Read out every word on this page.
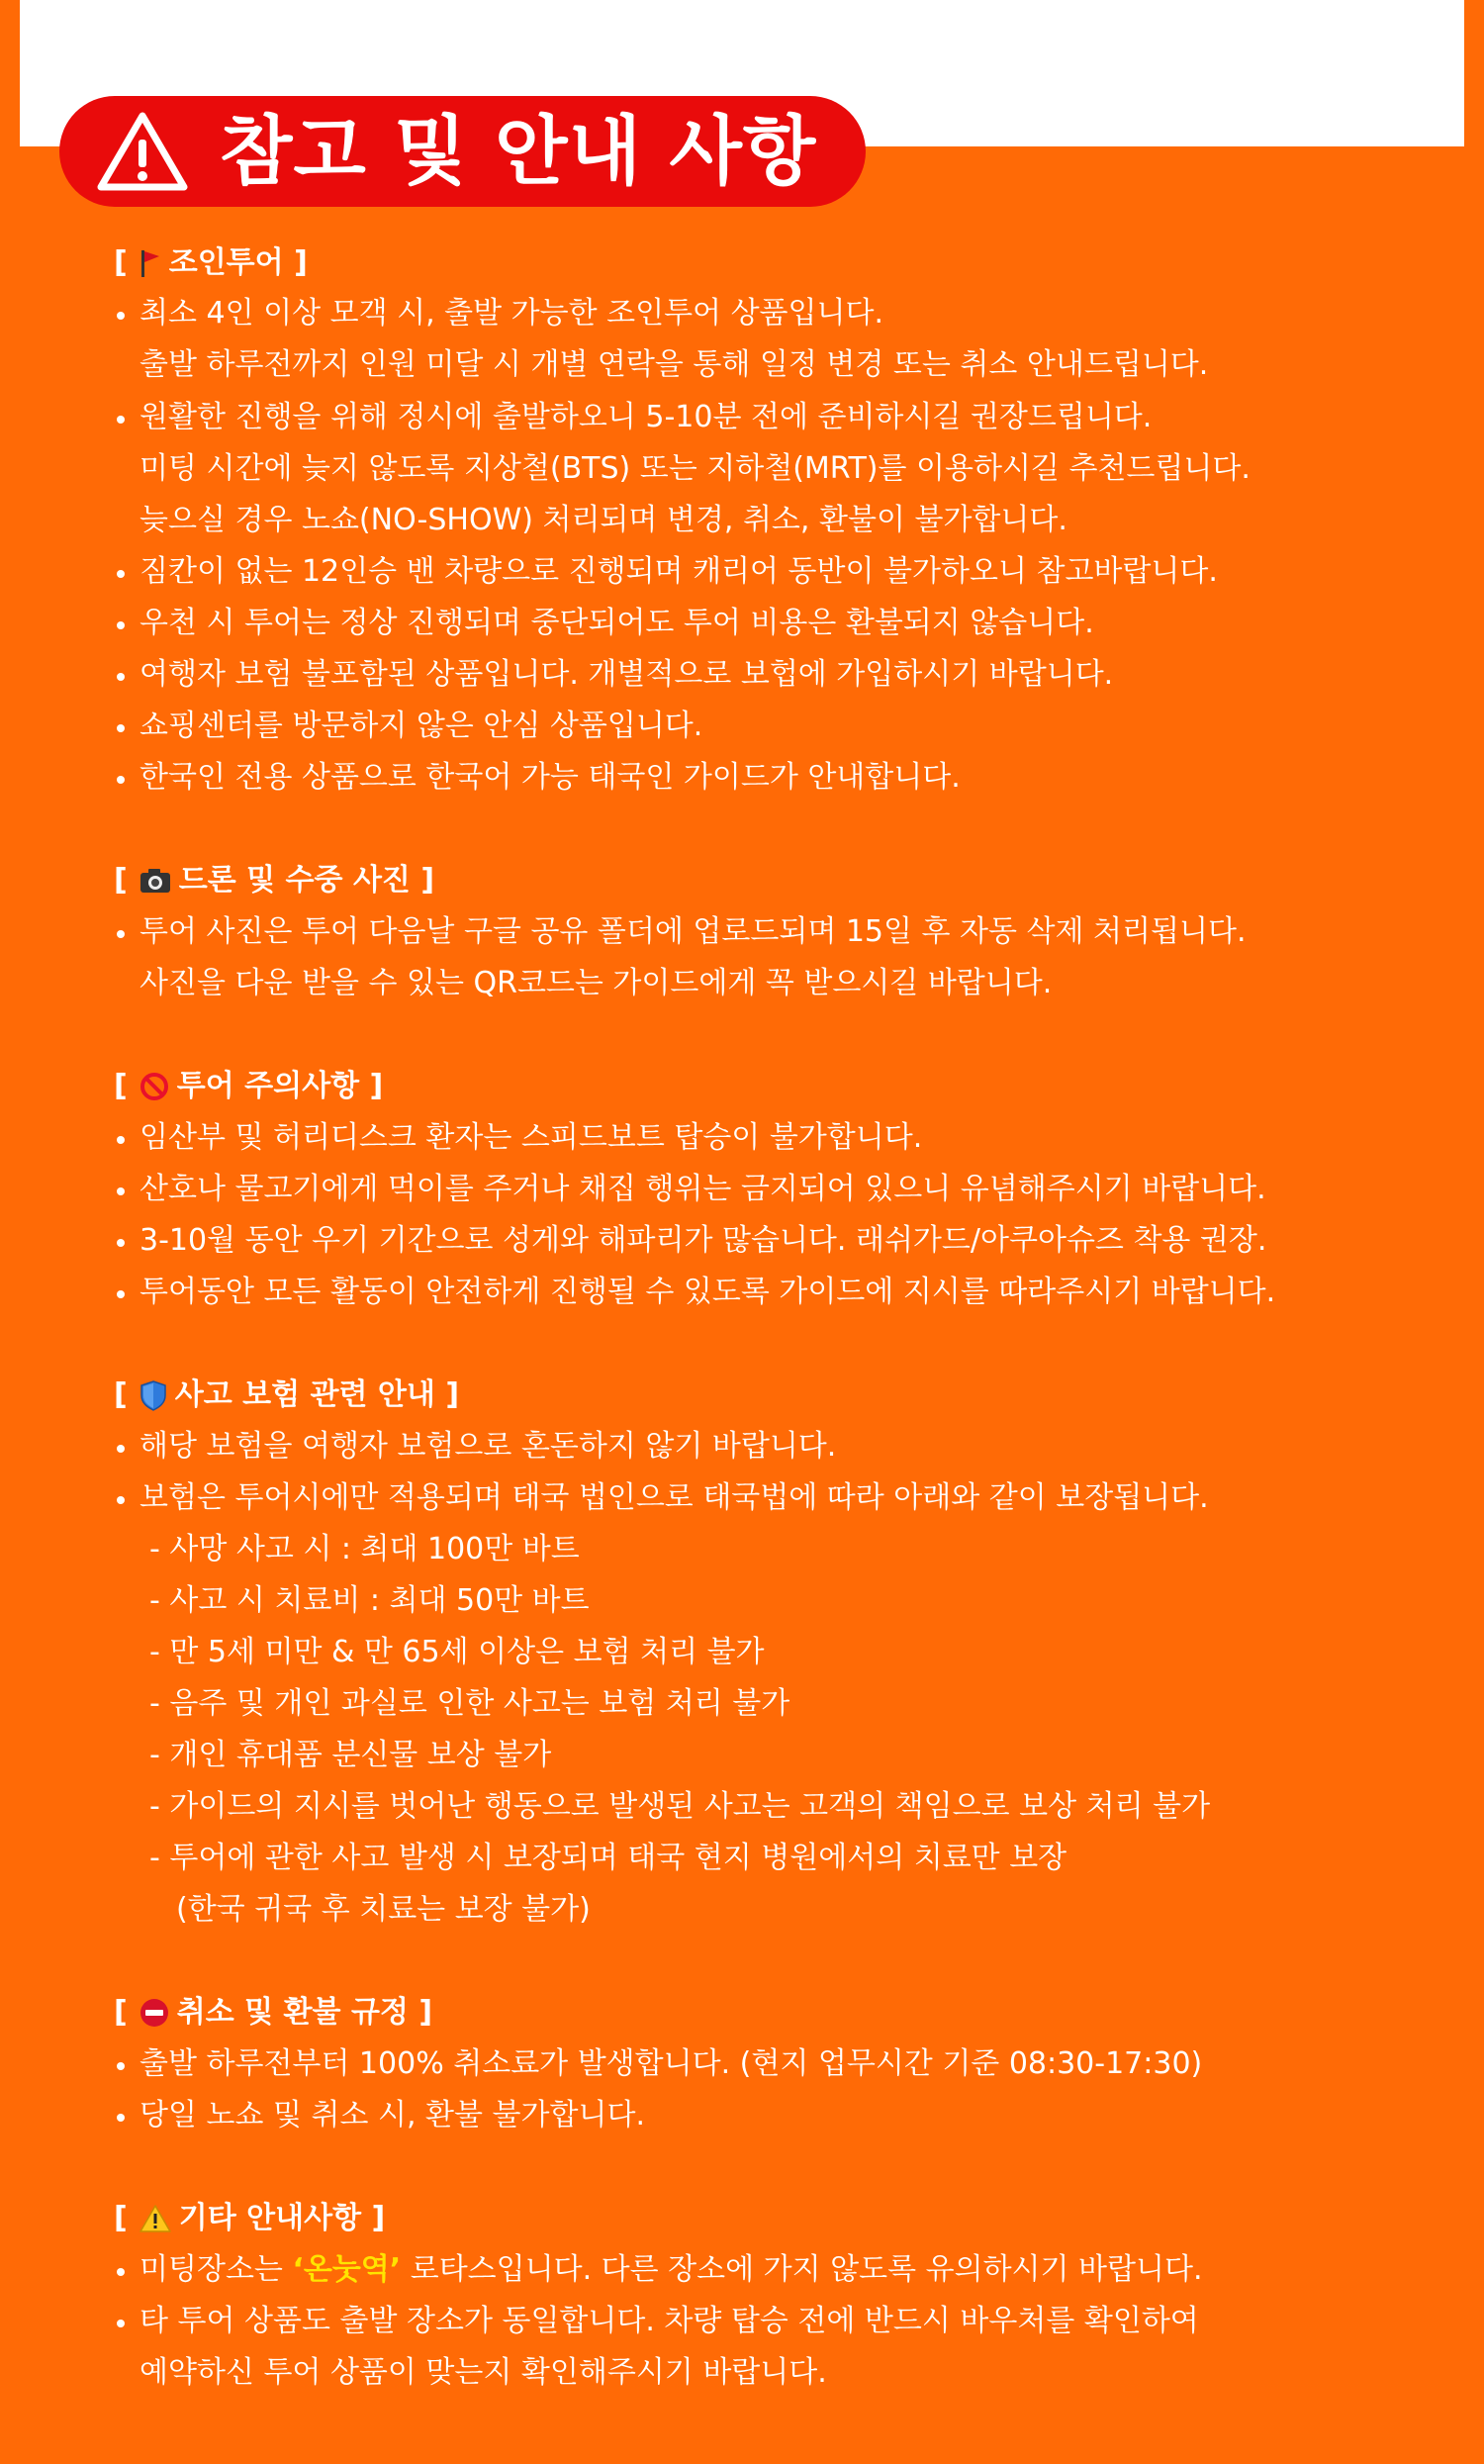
참고 및 안내 사항
[ 조인투어 ]
최소 4인 이상 모객 시, 출발 가능한 조인투어 상품입니다.
출발 하루전까지 인원 미달 시 개별 연락을 통해 일정 변경 또는 취소 안내드립니다.
원활한 진행을 위해 정시에 출발하오니 5-10분 전에 준비하시길 권장드립니다.
미팅 시간에 늦지 않도록 지상철(BTS) 또는 지하철(MRT)를 이용하시길 추천드립니다.
늦으실 경우 노쇼(NO-SHOW) 처리되며 변경, 취소, 환불이 불가합니다.
짐칸이 없는 12인승 밴 차량으로 진행되며 캐리어 동반이 불가하오니 참고바랍니다.
우천 시 투어는 정상 진행되며 중단되어도 투어 비용은 환불되지 않습니다.
여행자 보험 불포함된 상품입니다. 개별적으로 보헙에 가입하시기 바랍니다.
쇼핑센터를 방문하지 않은 안심 상품입니다.
한국인 전용 상품으로 한국어 가능 태국인 가이드가 안내합니다.
[ 드론 및 수중 사진 ]
투어 사진은 투어 다음날 구글 공유 폴더에 업로드되며 15일 후 자동 삭제 처리됩니다.
사진을 다운 받을 수 있는 QR코드는 가이드에게 꼭 받으시길 바랍니다.
[ 투어 주의사항 ]
임산부 및 허리디스크 환자는 스피드보트 탑승이 불가합니다.
산호나 물고기에게 먹이를 주거나 채집 행위는 금지되어 있으니 유념해주시기 바랍니다.
3-10월 동안 우기 기간으로 성게와 해파리가 많습니다. 래쉬가드/아쿠아슈즈 착용 권장.
투어동안 모든 활동이 안전하게 진행될 수 있도록 가이드에 지시를 따라주시기 바랍니다.
[ 사고 보험 관련 안내 ]
해당 보험을 여행자 보험으로 혼돈하지 않기 바랍니다.
보험은 투어시에만 적용되며 태국 법인으로 태국법에 따라 아래와 같이 보장됩니다.
- 사망 사고 시 : 최대 100만 바트
- 사고 시 치료비 : 최대 50만 바트
- 만 5세 미만 & 만 65세 이상은 보험 처리 불가
- 음주 및 개인 과실로 인한 사고는 보험 처리 불가
- 개인 휴대품 분신물 보상 불가
- 가이드의 지시를 벗어난 행동으로 발생된 사고는 고객의 책임으로 보상 처리 불가
- 투어에 관한 사고 발생 시 보장되며 태국 현지 병원에서의 치료만 보장
(한국 귀국 후 치료는 보장 불가)
[ 취소 및 환불 규정 ]
출발 하루전부터 100% 취소료가 발생합니다. (현지 업무시간 기준 08:30-17:30)
당일 노쇼 및 취소 시, 환불 불가합니다.
[ 기타 안내사항 ]
미팅장소는 ‘온눗역’ 로타스입니다. 다른 장소에 가지 않도록 유의하시기 바랍니다.
타 투어 상품도 출발 장소가 동일합니다. 차량 탑승 전에 반드시 바우처를 확인하여
예약하신 투어 상품이 맞는지 확인해주시기 바랍니다.
